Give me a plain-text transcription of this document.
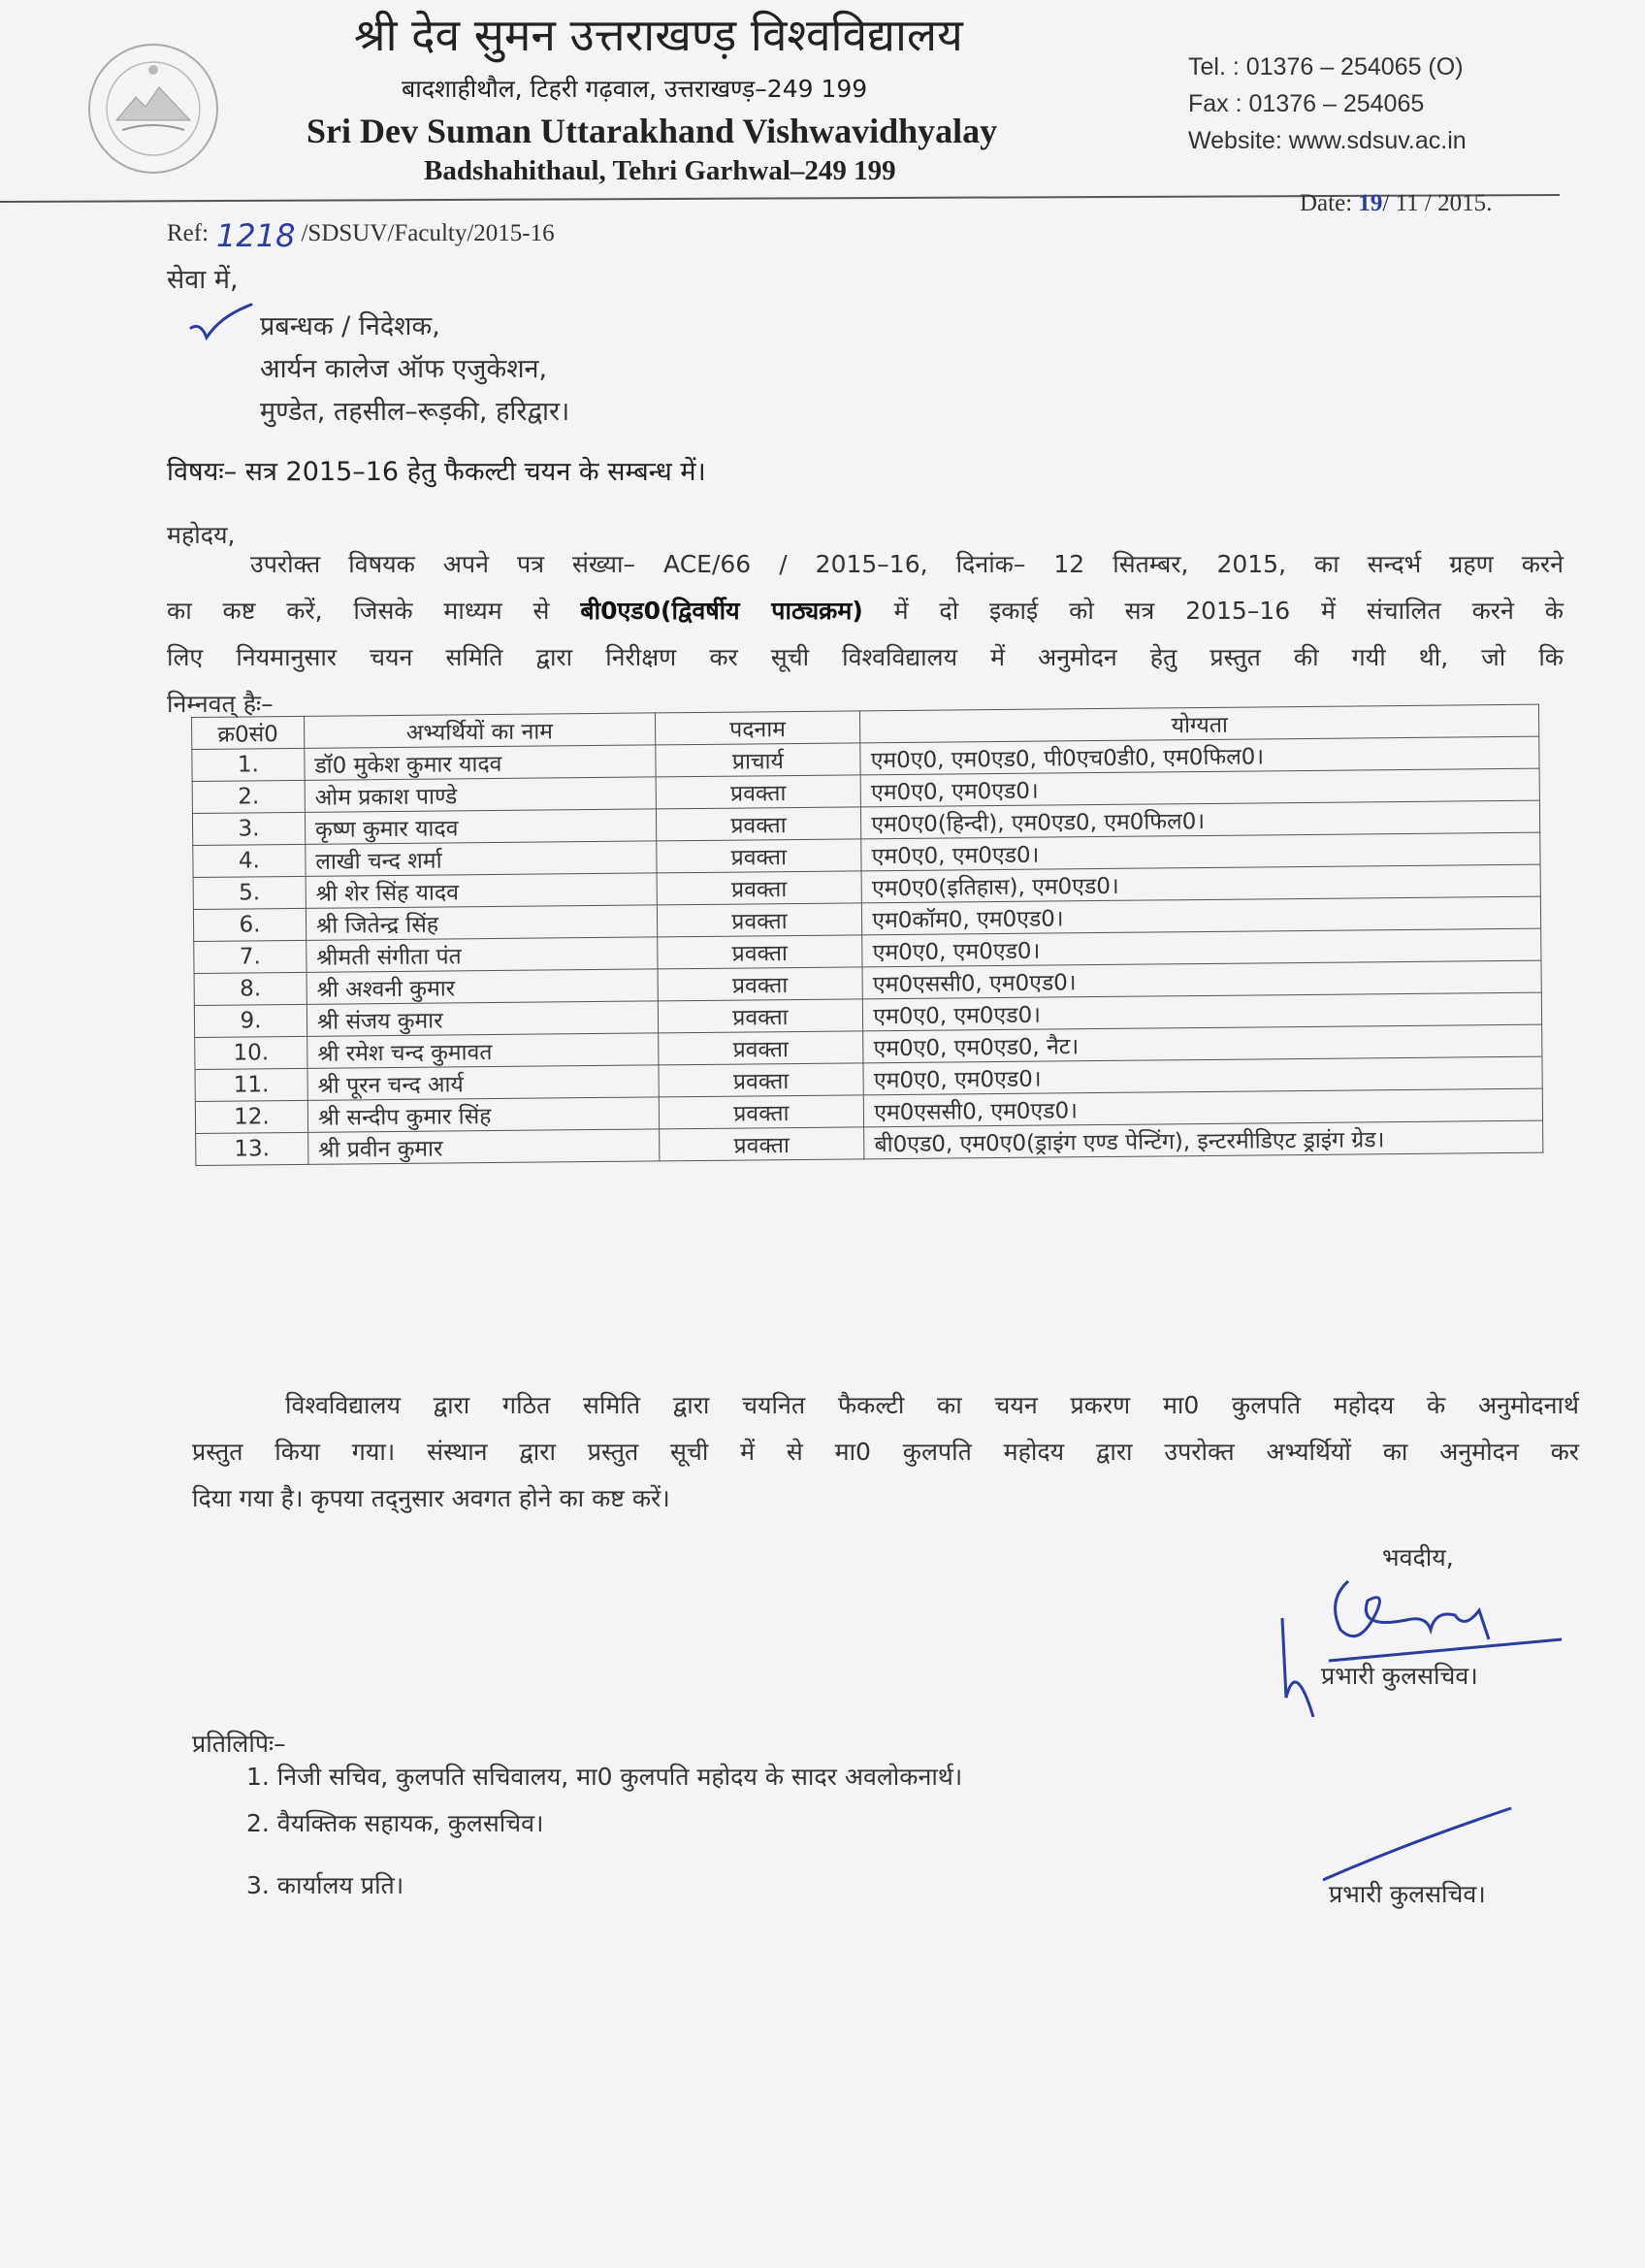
श्री देव सुमन उत्तराखण्ड़ विश्वविद्यालय
बादशाहीथौल, टिहरी गढ़वाल, उत्तराखण्ड़–249 199
Sri Dev Suman Uttarakhand Vishwavidhyalay
Badshahithaul, Tehri Garhwal–249 199
Tel. : 01376 – 254065 (O)
Fax : 01376 – 254065
Website: www.sdsuv.ac.in
Ref: 1218 /SDSUV/Faculty/2015-16
Date: 19/ 11 / 2015.
सेवा में,
प्रबन्धक / निदेशक,
आर्यन कालेज ऑफ एजुकेशन,
मुण्डेत, तहसील–रूड़की, हरिद्वार।
विषयः– सत्र 2015–16 हेतु फैकल्टी चयन के सम्बन्ध में।
महोदय,
उपरोक्त विषयक अपने पत्र संख्या– ACE/66 / 2015–16, दिनांक– 12 सितम्बर, 2015, का सन्दर्भ ग्रहण करने
का कष्ट करें, जिसके माध्यम से बी0एड0(द्विवर्षीय पाठ्यक्रम) में दो इकाई को सत्र 2015–16 में संचालित करने के
लिए नियमानुसार चयन समिति द्वारा निरीक्षण कर सूची विश्वविद्यालय में अनुमोदन हेतु प्रस्तुत की गयी थी, जो कि
निम्नवत् हैः–
क्र0सं0	अभ्यर्थियों का नाम	पदनाम	योग्यता
1.	डॉ0 मुकेश कुमार यादव	प्राचार्य	एम0ए0, एम0एड0, पी0एच0डी0, एम0फिल0।
2.	ओम प्रकाश पाण्डे	प्रवक्ता	एम0ए0, एम0एड0।
3.	कृष्ण कुमार यादव	प्रवक्ता	एम0ए0(हिन्दी), एम0एड0, एम0फिल0।
4.	लाखी चन्द शर्मा	प्रवक्ता	एम0ए0, एम0एड0।
5.	श्री शेर सिंह यादव	प्रवक्ता	एम0ए0(इतिहास), एम0एड0।
6.	श्री जितेन्द्र सिंह	प्रवक्ता	एम0कॉम0, एम0एड0।
7.	श्रीमती संगीता पंत	प्रवक्ता	एम0ए0, एम0एड0।
8.	श्री अश्वनी कुमार	प्रवक्ता	एम0एससी0, एम0एड0।
9.	श्री संजय कुमार	प्रवक्ता	एम0ए0, एम0एड0।
10.	श्री रमेश चन्द कुमावत	प्रवक्ता	एम0ए0, एम0एड0, नैट।
11.	श्री पूरन चन्द आर्य	प्रवक्ता	एम0ए0, एम0एड0।
12.	श्री सन्दीप कुमार सिंह	प्रवक्ता	एम0एससी0, एम0एड0।
13.	श्री प्रवीन कुमार	प्रवक्ता	बी0एड0, एम0ए0(ड्राइंग एण्ड पेन्टिंग), इन्टरमीडिएट ड्राइंग ग्रेड।
विश्वविद्यालय द्वारा गठित समिति द्वारा चयनित फैकल्टी का चयन प्रकरण मा0 कुलपति महोदय के अनुमोदनार्थ
प्रस्तुत किया गया। संस्थान द्वारा प्रस्तुत सूची में से मा0 कुलपति महोदय द्वारा उपरोक्त अभ्यर्थियों का अनुमोदन कर
दिया गया है। कृपया तद्नुसार अवगत होने का कष्ट करें।
भवदीय,
प्रभारी कुलसचिव।
प्रतिलिपिः–
1. निजी सचिव, कुलपति सचिवालय, मा0 कुलपति महोदय के सादर अवलोकनार्थ।
2. वैयक्तिक सहायक, कुलसचिव।
3. कार्यालय प्रति।	प्रभारी कुलसचिव।
